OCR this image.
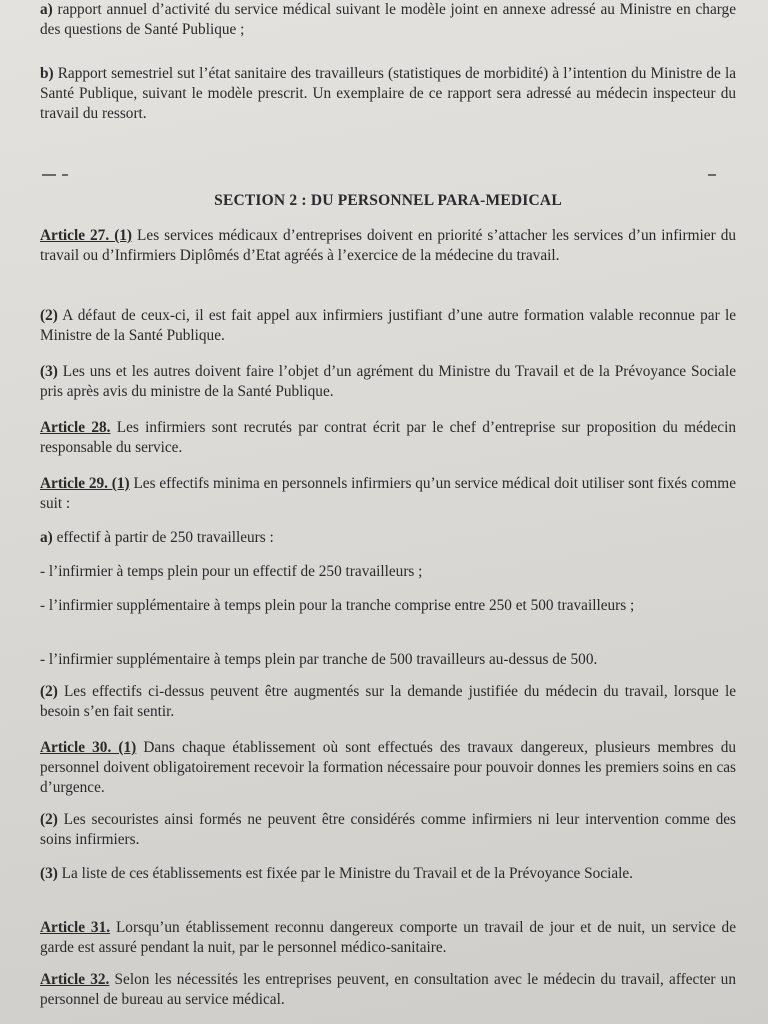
a) rapport annuel d’activité du service médical suivant le modèle joint en annexe adressé au Ministre en charge des questions de Santé Publique ;

b) Rapport semestriel sut l’état sanitaire des travailleurs (statistiques de morbidité) à l’intention du Ministre de la Santé Publique, suivant le modèle prescrit. Un exemplaire de ce rapport sera adressé au médecin inspecteur du travail du ressort.

SECTION 2 : DU PERSONNEL PARA-MEDICAL

Article 27. (1) Les services médicaux d’entreprises doivent en priorité s’attacher les services d’un infirmier du travail ou d’Infirmiers Diplômés d’Etat agréés à l’exercice de la médecine du travail.

(2) A défaut de ceux-ci, il est fait appel aux infirmiers justifiant d’une autre formation valable reconnue par le Ministre de la Santé Publique.

(3) Les uns et les autres doivent faire l’objet d’un agrément du Ministre du Travail et de la Prévoyance Sociale pris après avis du ministre de la Santé Publique.

Article 28. Les infirmiers sont recrutés par contrat écrit par le chef d’entreprise sur proposition du médecin responsable du service.

Article 29. (1) Les effectifs minima en personnels infirmiers qu’un service médical doit utiliser sont fixés comme suit :

a) effectif à partir de 250 travailleurs :

- l’infirmier à temps plein pour un effectif de 250 travailleurs ;

- l’infirmier supplémentaire à temps plein pour la tranche comprise entre 250 et 500 travailleurs ;

- l’infirmier supplémentaire à temps plein par tranche de 500 travailleurs au-dessus de 500.

(2) Les effectifs ci-dessus peuvent être augmentés sur la demande justifiée du médecin du travail, lorsque le besoin s’en fait sentir.

Article 30. (1) Dans chaque établissement où sont effectués des travaux dangereux, plusieurs membres du personnel doivent obligatoirement recevoir la formation nécessaire pour pouvoir donnes les premiers soins en cas d’urgence.

(2) Les secouristes ainsi formés ne peuvent être considérés comme infirmiers ni leur intervention comme des soins infirmiers.

(3) La liste de ces établissements est fixée par le Ministre du Travail et de la Prévoyance Sociale.

Article 31. Lorsqu’un établissement reconnu dangereux comporte un travail de jour et de nuit, un service de garde est assuré pendant la nuit, par le personnel médico-sanitaire.

Article 32. Selon les nécessités les entreprises peuvent, en consultation avec le médecin du travail, affecter un personnel de bureau au service médical.
